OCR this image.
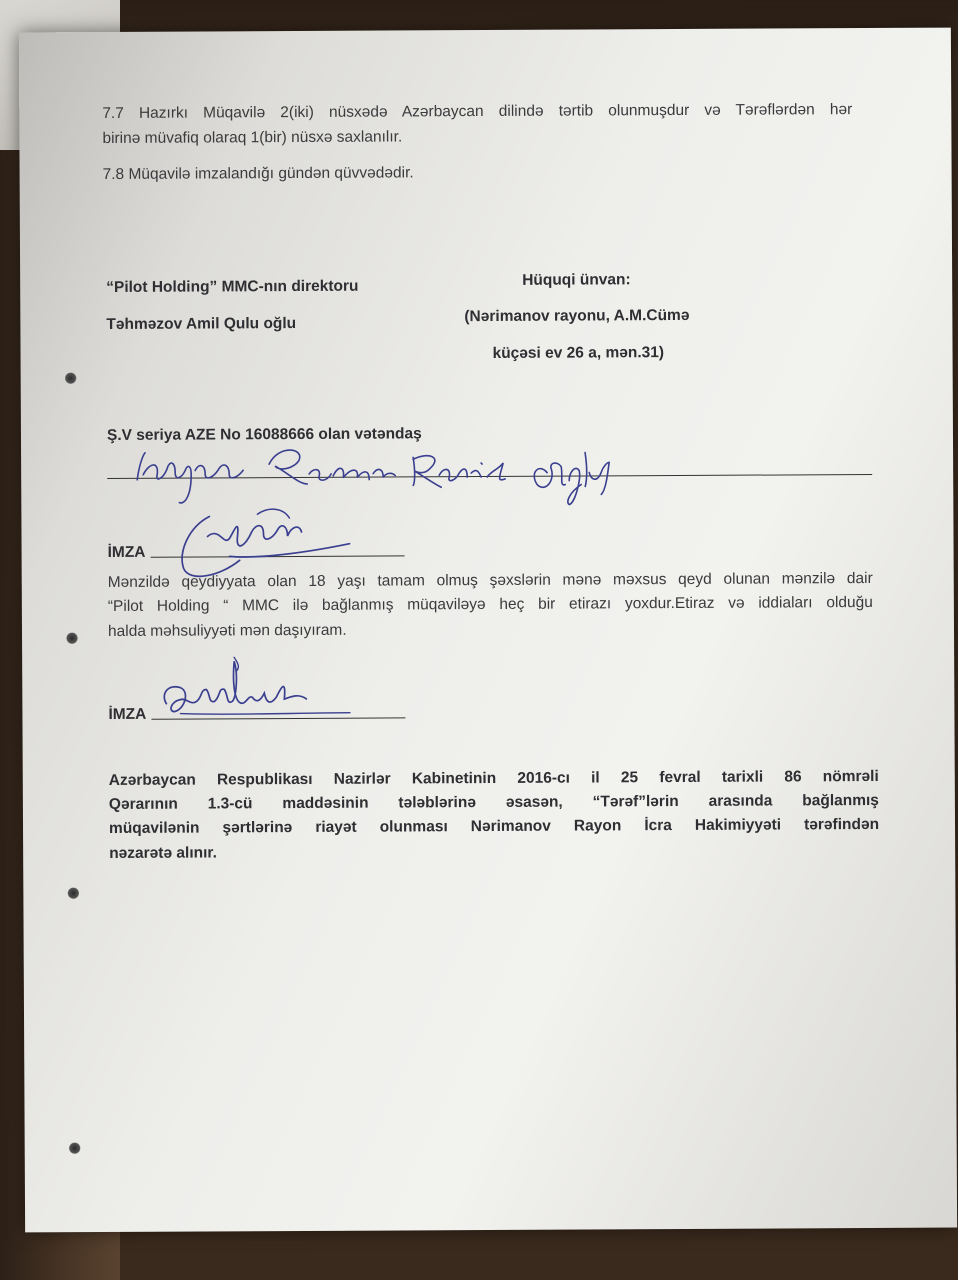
7.7 Hazırkı Müqavilə 2(iki) nüsxədə Azərbaycan dilində tərtib olunmuşdur və Tərəflərdən hər
birinə müvafiq olaraq 1(bir) nüsxə saxlanılır.
7.8 Müqavilə imzalandığı gündən qüvvədədir.
“Pilot Holding” MMC-nın direktoru
Təhməzov Amil Qulu oğlu
Hüquqi ünvan:
(Nərimanov rayonu, A.M.Cümə
küçəsi ev 26 a, mən.31)
Ş.V seriya AZE No 16088666 olan vətəndaş
İMZA
Mənzildə qeydiyyata olan 18 yaşı tamam olmuş şəxslərin mənə məxsus qeyd olunan mənzilə dair
“Pilot Holding “ MMC ilə bağlanmış müqaviləyə heç bir etirazı yoxdur.Etiraz və iddiaları olduğu
halda məhsuliyyəti mən daşıyıram.
İMZA
Azərbaycan Respublikası Nazirlər Kabinetinin 2016-cı il 25 fevral tarixli 86 nömrəli
Qərarının 1.3-cü maddəsinin tələblərinə əsasən, “Tərəf”lərin arasında bağlanmış
müqavilənin şərtlərinə riayət olunması Nərimanov Rayon İcra Hakimiyyəti tərəfindən
nəzarətə alınır.
